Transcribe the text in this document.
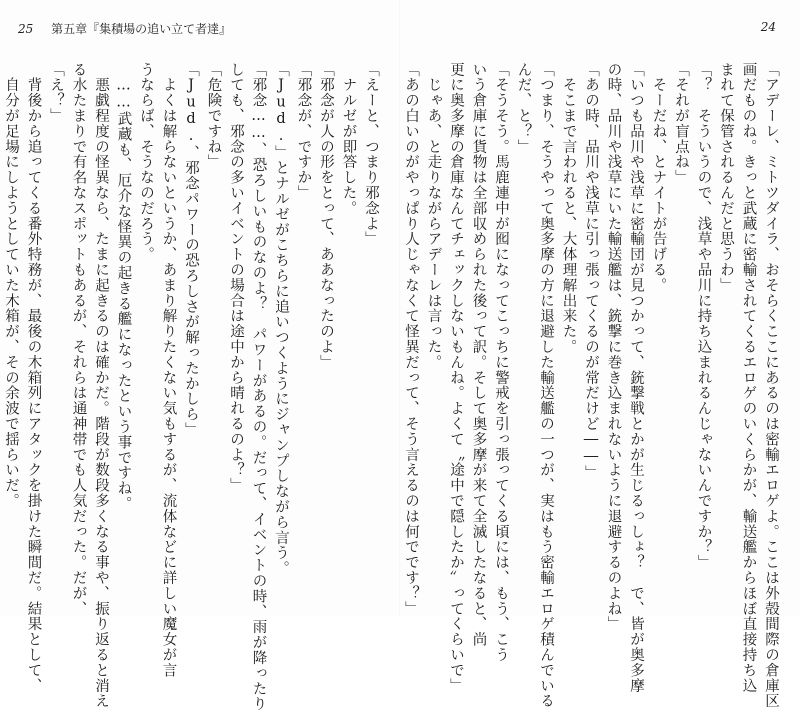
25 第五章『集積場の追い立て者達』	24
「アデーレ、ミトツダイラ、おそらくここにあるのは密輸エロゲよ。ここは外殻間際の倉庫区
画だものね。きっと武蔵に密輸されてくるエロゲのいくらかが、輸送艦からほぼ直接持ち込
まれて保管されるんだと思うわ」
「？　そういうので、浅草や品川に持ち込まれるんじゃないんですか？」
「それが盲点ね」
　そーだね、とナイトが告げる。
「いつも品川や浅草に密輸団が見つかって、銃撃戦とかが生じるっしょ？　で、皆が奥多摩
の時、品川や浅草にいた輸送艦は、銃撃に巻き込まれないように退避するのよね」
「あの時、品川や浅草に引っ張ってくるのが常だけど――」
　そこまで言われると、大体理解出来た。
「つまり、そうやって奥多摩の方に退避した輸送艦の一つが、実はもう密輸エロゲ積んでいる
んだ、と？」
「そうそう。馬鹿連中が囮になってこっちに警戒を引っ張ってくる頃には、もう、こう
いう倉庫に貨物は全部収められた後って訳。そして奥多摩が来て全滅したなると、尚
更に奥多摩の倉庫なんてチェックしないもんね。よくて〝途中で隠したか〟ってくらいで」
　じゃあ、と走りながらアデーレは言った。
「あの白いのがやっぱり人じゃなくて怪異だって、そう言えるのは何でです？」
「えーと、つまり邪念よ」
　ナルゼが即答した。
「邪念が人の形をとって、ああなったのよ」
「邪念が、ですか」
「Jud.」とナルゼがこちらに追いつくようにジャンプしながら言う。
「邪念……、恐ろしいものなのよ？　パワーがあるの。だって、イベントの時、雨が降ったり
しても、邪念の多いイベントの場合は途中から晴れるのよ？」
「危険ですね」
「Jud.、邪念パワーの恐ろしさが解ったかしら」
　よくは解らないというか、あまり解りたくない気もするが、流体などに詳しい魔女が言
うならば、そうなのだろう。
　……武蔵も、厄介な怪異の起きる艦になったという事ですね。
　悪戯程度の怪異なら、たまに起きるのは確かだ。階段が数段多くなる事や、振り返ると消え
る水たまりで有名なスポットもあるが、それらは通神帯でも人気だった。だが、
「え？」
　背後から追ってくる番外特務が、最後の木箱列にアタックを掛けた瞬間だ。結果として、
　自分が足場にしようとしていた木箱が、その余波で揺らいだ。
